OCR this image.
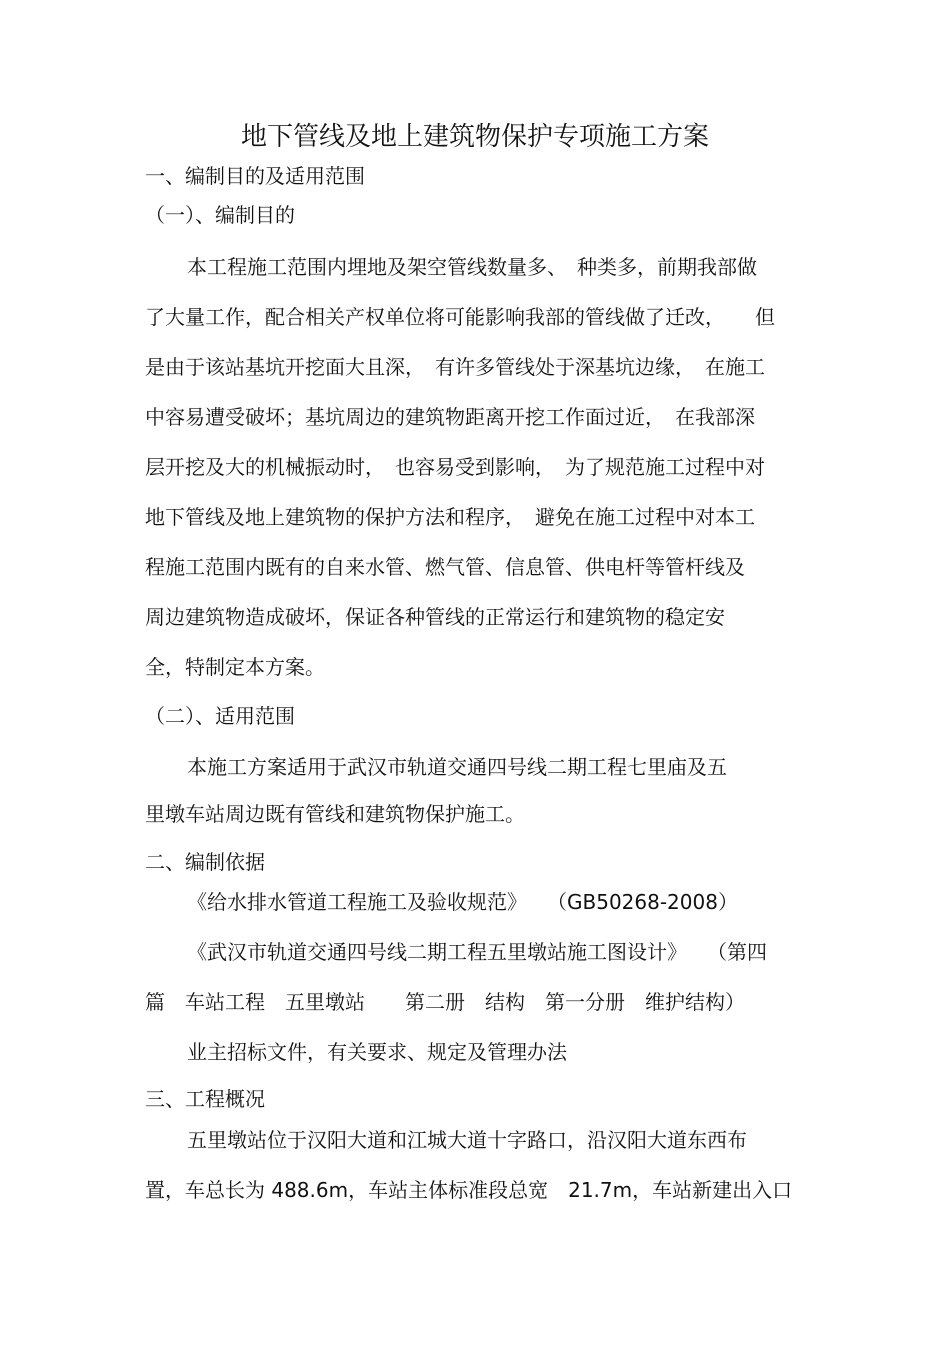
地下管线及地上建筑物保护专项施工方案

一、编制目的及适用范围

（一）、编制目的

本工程施工范围内埋地及架空管线数量多、　种类多，前期我部做

了大量工作，配合相关产权单位将可能影响我部的管线做了迁改，　　但

是由于该站基坑开挖面大且深，　有许多管线处于深基坑边缘，　在施工

中容易遭受破坏；基坑周边的建筑物距离开挖工作面过近，　在我部深

层开挖及大的机械振动时，　也容易受到影响，　为了规范施工过程中对

地下管线及地上建筑物的保护方法和程序，　避免在施工过程中对本工

程施工范围内既有的自来水管、燃气管、信息管、供电杆等管杆线及

周边建筑物造成破坏，保证各种管线的正常运行和建筑物的稳定安

全，特制定本方案。

（二）、适用范围

本施工方案适用于武汉市轨道交通四号线二期工程七里庙及五

里墩车站周边既有管线和建筑物保护施工。

二、编制依据

《给水排水管道工程施工及验收规范》　　（GB50268-2008）

《武汉市轨道交通四号线二期工程五里墩站施工图设计》　　（第四

篇　车站工程　五里墩站　　第二册　结构　第一分册　维护结构）

业主招标文件，有关要求、规定及管理办法

三、工程概况

五里墩站位于汉阳大道和江城大道十字路口，沿汉阳大道东西布

置，车总长为 488.6m，车站主体标准段总宽　21.7m，车站新建出入口
